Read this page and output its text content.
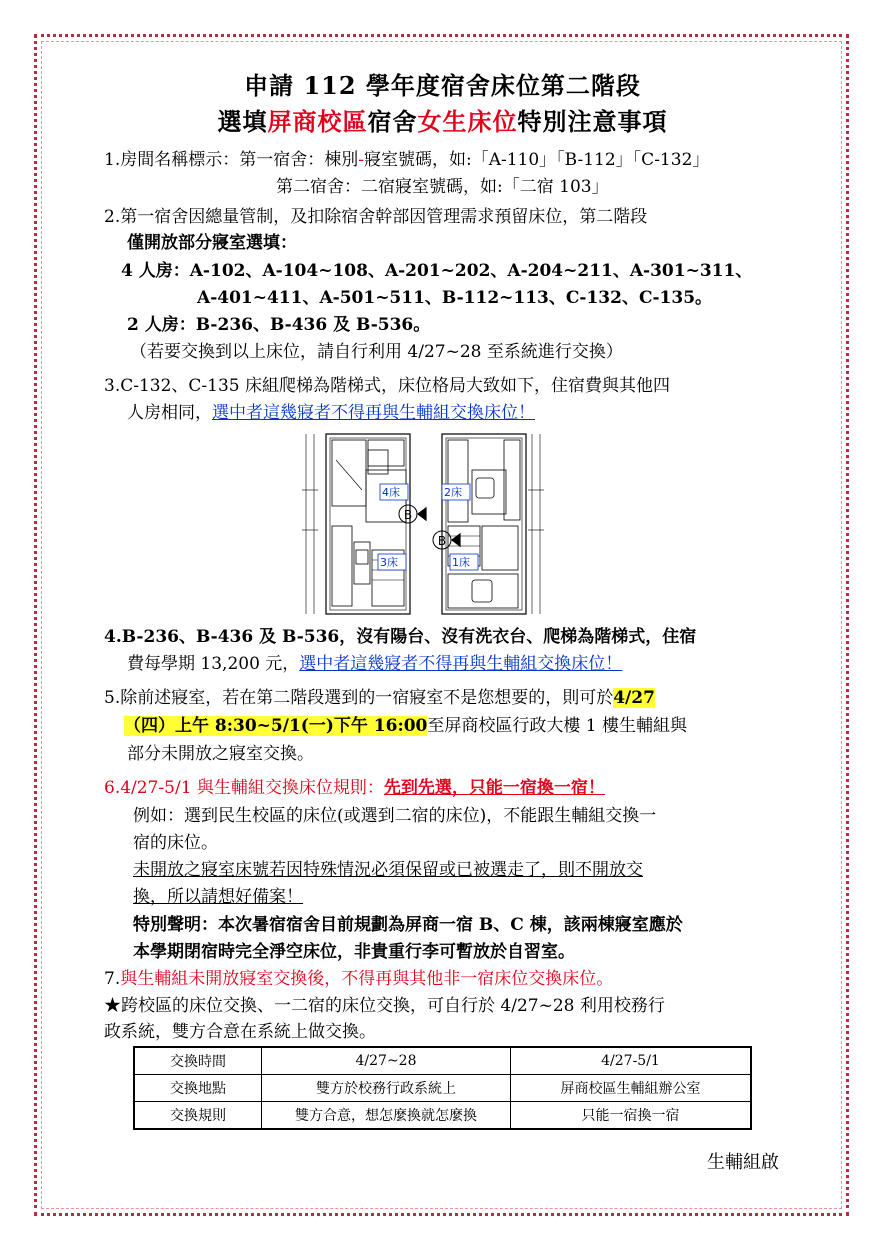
申請 112 學年度宿舍床位第二階段
選填屏商校區宿舍女生床位特別注意事項
1.房間名稱標示：第一宿舍：棟別-寢室號碼，如:「A-110」「B-112」「C-132」
第二宿舍：二宿寢室號碼，如:「二宿 103」
2.第一宿舍因總量管制，及扣除宿舍幹部因管理需求預留床位，第二階段
僅開放部分寢室選填：
4 人房：A-102、A-104~108、A-201~202、A-204~211、A-301~311、
A-401~411、A-501~511、B-112~113、C-132、C-135。
2 人房：B-236、B-436 及 B-536。
（若要交換到以上床位，請自行利用 4/27~28 至系統進行交換）
3.C-132、C-135 床組爬梯為階梯式，床位格局大致如下，住宿費與其他四
人房相同，選中者這幾寢者不得再與生輔組交換床位！
B
B
4床	2床
3床	1床
4.B-236、B-436 及 B-536，沒有陽台、沒有洗衣台、爬梯為階梯式，住宿
費每學期 13,200 元，選中者這幾寢者不得再與生輔組交換床位！
5.除前述寢室，若在第二階段選到的一宿寢室不是您想要的，則可於4/27
（四）上午 8:30~5/1(一)下午 16:00至屏商校區行政大樓 1 樓生輔組與
部分未開放之寢室交換。
6.4/27-5/1 與生輔組交換床位規則：先到先選，只能一宿換一宿！
例如：選到民生校區的床位(或選到二宿的床位)，不能跟生輔組交換一
宿的床位。
未開放之寢室床號若因特殊情況必須保留或已被選走了，則不開放交
換，所以請想好備案！
特別聲明：本次暑宿宿舍目前規劃為屏商一宿 B、C 棟，該兩棟寢室應於
本學期閉宿時完全淨空床位，非貴重行李可暫放於自習室。
7.與生輔組未開放寢室交換後，不得再與其他非一宿床位交換床位。
★跨校區的床位交換、一二宿的床位交換，可自行於 4/27~28 利用校務行
政系統，雙方合意在系統上做交換。
交換時間	4/27~28	4/27-5/1
交換地點	雙方於校務行政系統上	屏商校區生輔組辦公室
交換規則	雙方合意，想怎麼換就怎麼換	只能一宿換一宿
生輔組啟
